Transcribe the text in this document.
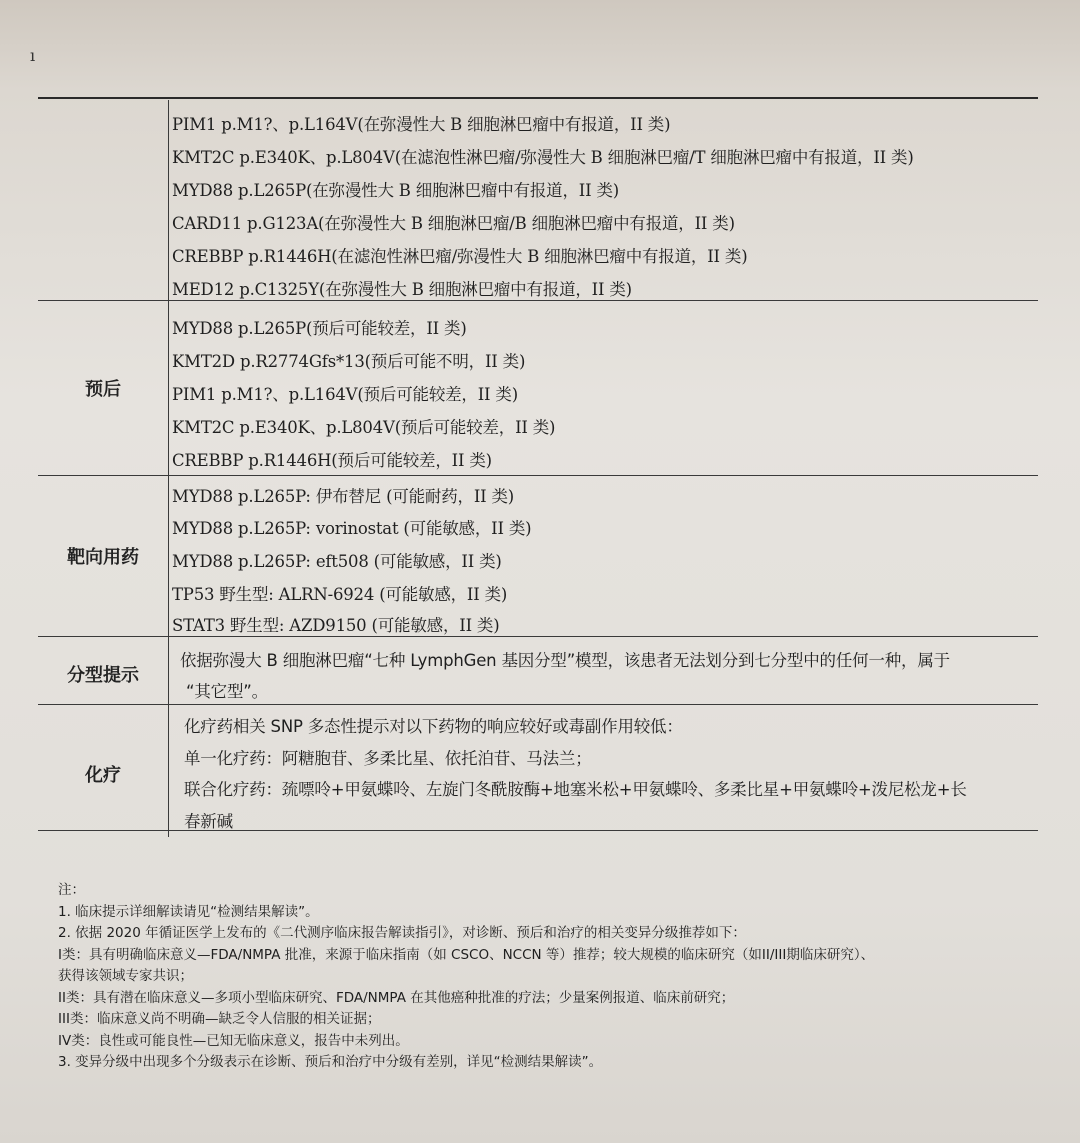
ı
PIM1 p.M1?、p.L164V(在弥漫性大 B 细胞淋巴瘤中有报道，II 类)
KMT2C p.E340K、p.L804V(在滤泡性淋巴瘤/弥漫性大 B 细胞淋巴瘤/T 细胞淋巴瘤中有报道，II 类)
MYD88 p.L265P(在弥漫性大 B 细胞淋巴瘤中有报道，II 类)
CARD11 p.G123A(在弥漫性大 B 细胞淋巴瘤/B 细胞淋巴瘤中有报道，II 类)
CREBBP p.R1446H(在滤泡性淋巴瘤/弥漫性大 B 细胞淋巴瘤中有报道，II 类)
MED12 p.C1325Y(在弥漫性大 B 细胞淋巴瘤中有报道，II 类)
预后
MYD88 p.L265P(预后可能较差，II 类)
KMT2D p.R2774Gfs*13(预后可能不明，II 类)
PIM1 p.M1?、p.L164V(预后可能较差，II 类)
KMT2C p.E340K、p.L804V(预后可能较差，II 类)
CREBBP p.R1446H(预后可能较差，II 类)
靶向用药
MYD88 p.L265P: 伊布替尼 (可能耐药，II 类)
MYD88 p.L265P: vorinostat (可能敏感，II 类)
MYD88 p.L265P: eft508 (可能敏感，II 类)
TP53 野生型: ALRN-6924 (可能敏感，II 类)
STAT3 野生型: AZD9150 (可能敏感，II 类)
分型提示
依据弥漫大 B 细胞淋巴瘤“七种 LymphGen 基因分型”模型，该患者无法划分到七分型中的任何一种，属于
“其它型”。
化疗
化疗药相关 SNP 多态性提示对以下药物的响应较好或毒副作用较低：
单一化疗药：阿糖胞苷、多柔比星、依托泊苷、马法兰；
联合化疗药：巯嘌呤+甲氨蝶呤、左旋门冬酰胺酶+地塞米松+甲氨蝶呤、多柔比星+甲氨蝶呤+泼尼松龙+长
春新碱
注：
1. 临床提示详细解读请见“检测结果解读”。
2. 依据 2020 年循证医学上发布的《二代测序临床报告解读指引》，对诊断、预后和治疗的相关变异分级推荐如下：
I类：具有明确临床意义—FDA/NMPA 批准，来源于临床指南（如 CSCO、NCCN 等）推荐；较大规模的临床研究（如II/III期临床研究）、
获得该领域专家共识；
II类：具有潜在临床意义—多项小型临床研究、FDA/NMPA 在其他癌种批准的疗法；少量案例报道、临床前研究；
III类：临床意义尚不明确—缺乏令人信服的相关证据；
IV类：良性或可能良性—已知无临床意义，报告中未列出。
3. 变异分级中出现多个分级表示在诊断、预后和治疗中分级有差别，详见“检测结果解读”。
